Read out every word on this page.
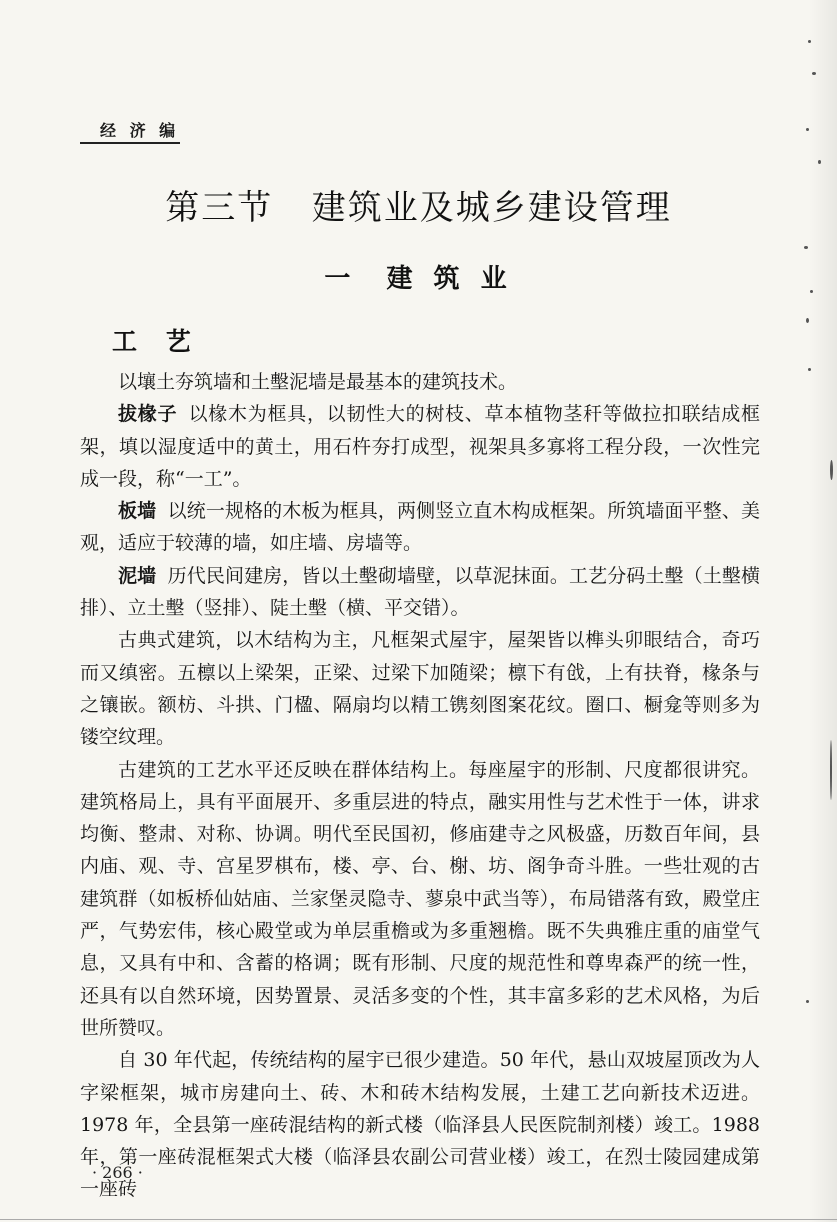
经 济 编
第三节   建筑业及城乡建设管理
一  建 筑 业
工 艺

以壤土夯筑墙和土墼泥墙是最基本的建筑技术。

拔椽子 以椽木为框具，以韧性大的树枝、草本植物茎秆等做拉扣联结成框架，填以湿度适中的黄土，用石杵夯打成型，视架具多寡将工程分段，一次性完成一段，称“一工”。

板墙 以统一规格的木板为框具，两侧竖立直木构成框架。所筑墙面平整、美观，适应于较薄的墙，如庄墙、房墙等。

泥墙 历代民间建房，皆以土墼砌墙壁，以草泥抹面。工艺分码土墼（土墼横排）、立土墼（竖排）、陡土墼（横、平交错）。

古典式建筑，以木结构为主，凡框架式屋宇，屋架皆以榫头卯眼结合，奇巧而又缜密。五檩以上梁架，正梁、过梁下加随梁；檩下有戗，上有扶脊，椽条与之镶嵌。额枋、斗拱、门楹、隔扇均以精工镌刻图案花纹。圈口、橱龛等则多为镂空纹理。

古建筑的工艺水平还反映在群体结构上。每座屋宇的形制、尺度都很讲究。建筑格局上，具有平面展开、多重层进的特点，融实用性与艺术性于一体，讲求均衡、整肃、对称、协调。明代至民国初，修庙建寺之风极盛，历数百年间，县内庙、观、寺、宫星罗棋布，楼、亭、台、榭、坊、阁争奇斗胜。一些壮观的古建筑群（如板桥仙姑庙、兰家堡灵隐寺、蓼泉中武当等），布局错落有致，殿堂庄严，气势宏伟，核心殿堂或为单层重檐或为多重翘檐。既不失典雅庄重的庙堂气息，又具有中和、含蓄的格调；既有形制、尺度的规范性和尊卑森严的统一性，还具有以自然环境，因势置景、灵活多变的个性，其丰富多彩的艺术风格，为后世所赞叹。

自 30 年代起，传统结构的屋宇已很少建造。50 年代，悬山双坡屋顶改为人字梁框架，城市房建向土、砖、木和砖木结构发展，土建工艺向新技术迈进。1978 年，全县第一座砖混结构的新式楼（临泽县人民医院制剂楼）竣工。1988 年，第一座砖混框架式大楼（临泽县农副公司营业楼）竣工，在烈士陵园建成第一座砖

· 266 ·
